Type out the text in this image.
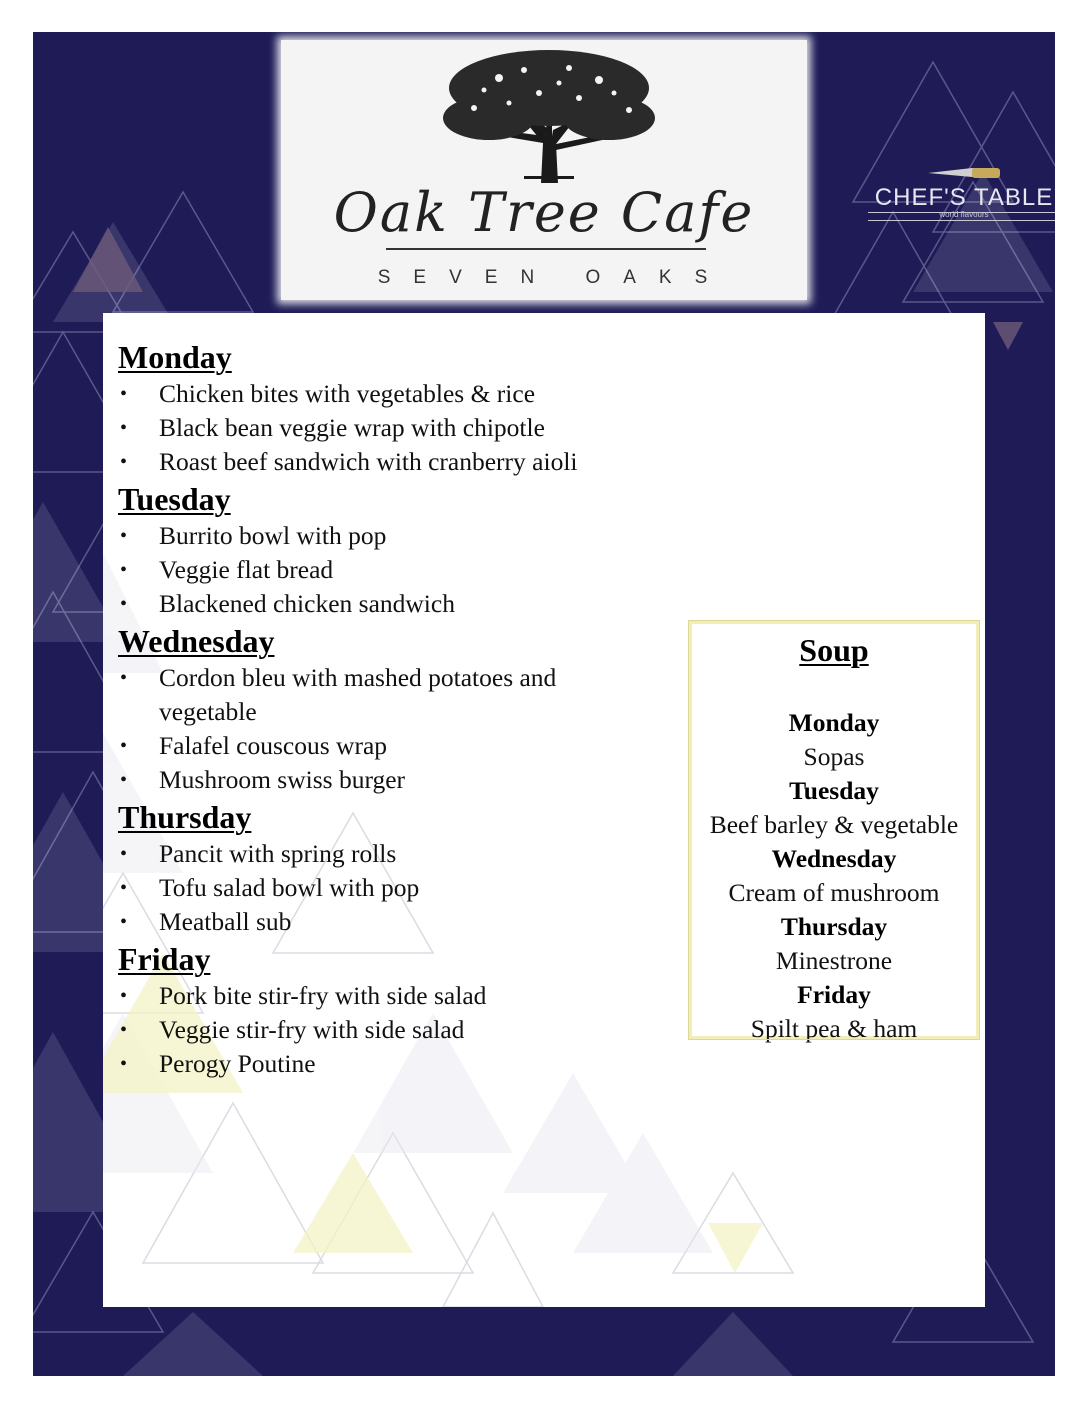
CHEF'S TABLE
world flavours
Oak Tree Cafe
SEVEN OAKS
Monday
• Chicken bites with vegetables & rice
• Black bean veggie wrap with chipotle
• Roast beef sandwich with cranberry aioli
Tuesday
• Burrito bowl with pop
• Veggie flat bread
• Blackened chicken sandwich
Wednesday
• Cordon bleu with mashed potatoes and vegetable
• Falafel couscous wrap
• Mushroom swiss burger
Thursday
• Pancit with spring rolls
• Tofu salad bowl with pop
• Meatball sub
Friday
• Pork bite stir-fry with side salad
• Veggie stir-fry with side salad
• Perogy Poutine
Soup
Monday
Sopas
Tuesday
Beef barley & vegetable
Wednesday
Cream of mushroom
Thursday
Minestrone
Friday
Spilt pea & ham
